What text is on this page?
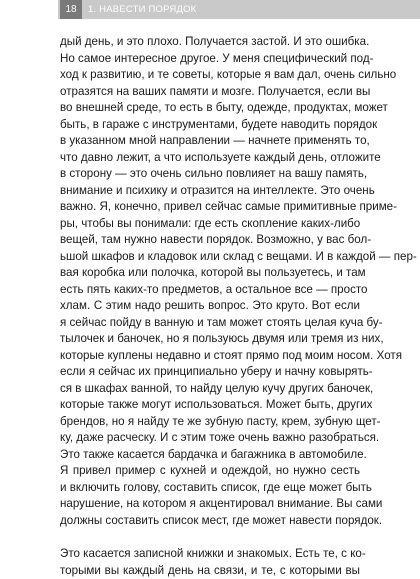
18	1. НАВЕСТИ ПОРЯДОК
дый день, и это плохо. Получается застой. И это ошибка.
Но самое интересное другое. У меня специфический под-
ход к развитию, и те советы, которые я вам дал, очень сильно
отразятся на ваших памяти и мозге. Получается, если вы
во внешней среде, то есть в быту, одежде, продуктах, может
быть, в гараже с инструментами, будете наводить порядок
в указанном мной направлении — начнете применять то,
что давно лежит, а что используете каждый день, отложите
в сторону — это очень сильно повлияет на вашу память,
внимание и психику и отразится на интеллекте. Это очень
важно. Я, конечно, привел сейчас самые примитивные приме-
ры, чтобы вы понимали: где есть скопление каких-либо
вещей, там нужно навести порядок. Возможно, у вас бол-
ьшой шкафов и кладовок или склад с вещами. И в каждой — пер-
вая коробка или полочка, которой вы пользуетесь, и там
есть пять каких-то предметов, а остальное все — просто
хлам. С этим надо решить вопрос. Это круто. Вот если
я сейчас пойду в ванную и там может стоять целая куча бу-
тылочек и баночек, но я пользуюсь двумя или тремя из них,
которые куплены недавно и стоят прямо под моим носом. Хотя
если я сейчас их принципиально уберу и начну ковырять-
ся в шкафах ванной, то найду целую кучу других баночек,
которые также могут использоваться. Может быть, других
брендов, но я найду те же зубную пасту, крем, зубную щет-
ку, даже расческу. И с этим тоже очень важно разобраться.
Это также касается бардачка и багажника в автомобиле.
Я привел пример с кухней и одеждой, но нужно сесть
и включить голову, составить список, где еще может быть
нарушение, на котором я акцентировал внимание. Вы сами
должны составить список мест, где может навести порядок.
Это касается записной книжки и знакомых. Есть те, с ко-
торыми вы каждый день на связи, и те, с которыми вы
